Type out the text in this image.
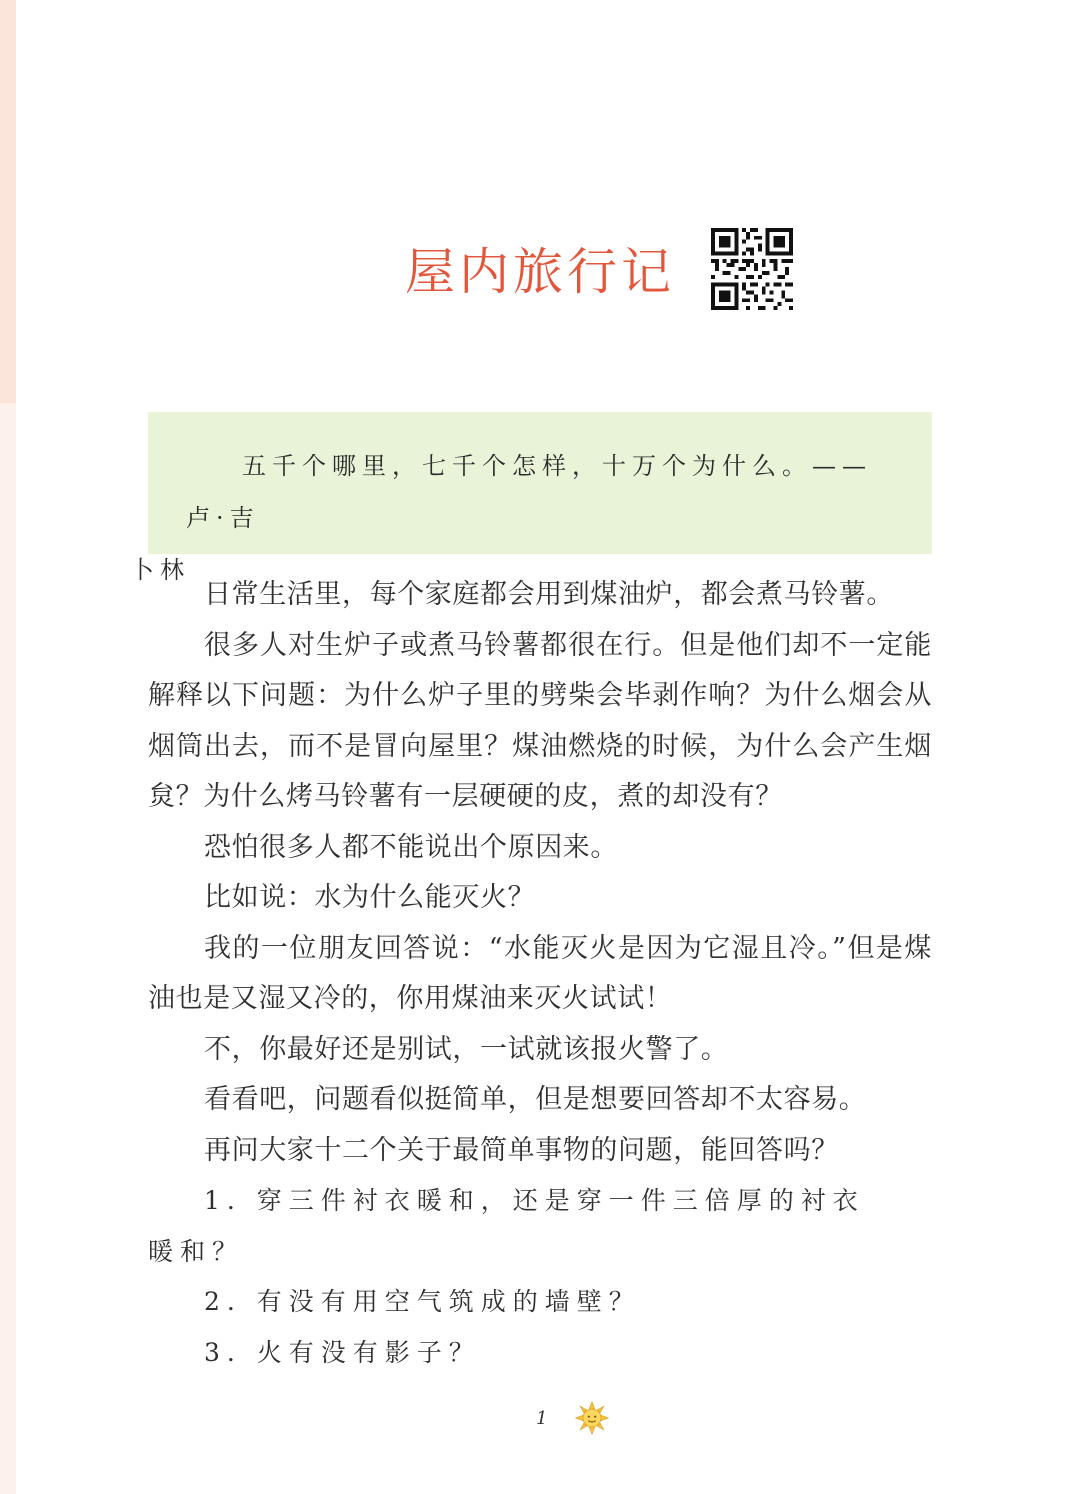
屋内旅行记
五千个哪里，七千个怎样，十万个为什么。——卢·吉
卜林

日常生活里，每个家庭都会用到煤油炉，都会煮马铃薯。

很多人对生炉子或煮马铃薯都很在行。但是他们却不一定能解释以下问题：为什么炉子里的劈柴会毕剥作响？为什么烟会从烟筒出去，而不是冒向屋里？煤油燃烧的时候，为什么会产生烟炱？为什么烤马铃薯有一层硬硬的皮，煮的却没有？

恐怕很多人都不能说出个原因来。

比如说：水为什么能灭火？

我的一位朋友回答说：“水能灭火是因为它湿且冷。”但是煤油也是又湿又冷的，你用煤油来灭火试试！

不，你最好还是别试，一试就该报火警了。

看看吧，问题看似挺简单，但是想要回答却不太容易。

再问大家十二个关于最简单事物的问题，能回答吗？

1. 穿三件衬衣暖和，还是穿一件三倍厚的衬衣
暖和？

2. 有没有用空气筑成的墙壁？

3. 火有没有影子？

1
